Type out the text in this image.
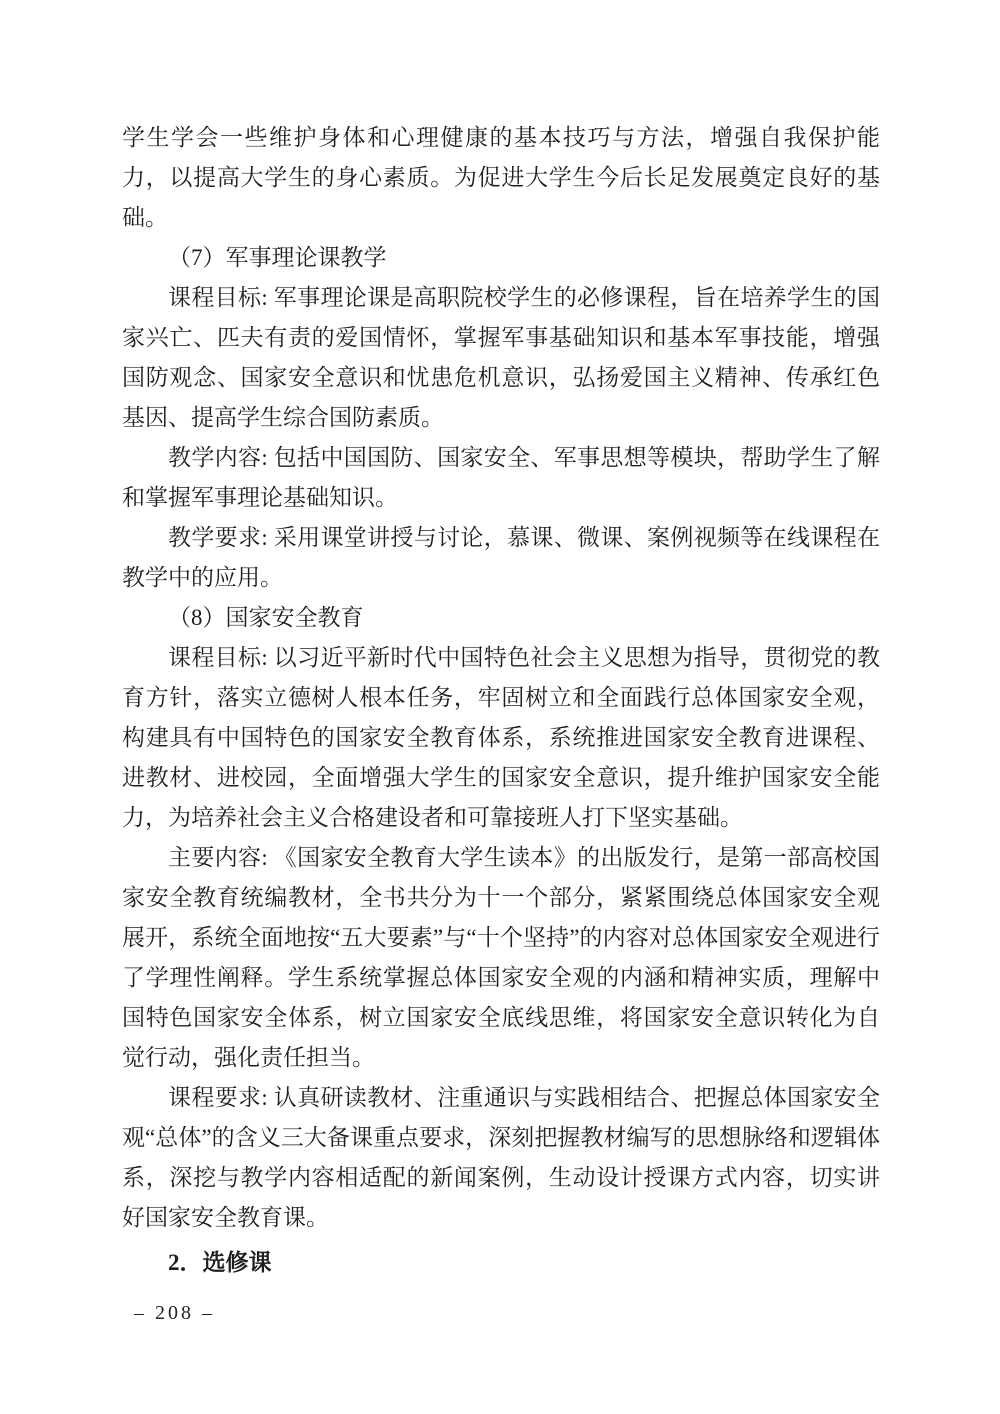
学生学会一些维护身体和心理健康的基本技巧与方法，增强自我保护能力，以提高大学生的身心素质。为促进大学生今后长足发展奠定良好的基础。

（7）军事理论课教学

课程目标: 军事理论课是高职院校学生的必修课程，旨在培养学生的国家兴亡、匹夫有责的爱国情怀，掌握军事基础知识和基本军事技能，增强国防观念、国家安全意识和忧患危机意识，弘扬爱国主义精神、传承红色基因、提高学生综合国防素质。

教学内容: 包括中国国防、国家安全、军事思想等模块，帮助学生了解和掌握军事理论基础知识。

教学要求: 采用课堂讲授与讨论，慕课、微课、案例视频等在线课程在教学中的应用。

（8）国家安全教育

课程目标: 以习近平新时代中国特色社会主义思想为指导，贯彻党的教育方针，落实立德树人根本任务，牢固树立和全面践行总体国家安全观，构建具有中国特色的国家安全教育体系，系统推进国家安全教育进课程、进教材、进校园，全面增强大学生的国家安全意识，提升维护国家安全能力，为培养社会主义合格建设者和可靠接班人打下坚实基础。

主要内容: 《国家安全教育大学生读本》的出版发行，是第一部高校国家安全教育统编教材，全书共分为十一个部分，紧紧围绕总体国家安全观展开，系统全面地按“五大要素”与“十个坚持”的内容对总体国家安全观进行了学理性阐释。学生系统掌握总体国家安全观的内涵和精神实质，理解中国特色国家安全体系，树立国家安全底线思维，将国家安全意识转化为自觉行动，强化责任担当。

课程要求: 认真研读教材、注重通识与实践相结合、把握总体国家安全观“总体”的含义三大备课重点要求，深刻把握教材编写的思想脉络和逻辑体系，深挖与教学内容相适配的新闻案例，生动设计授课方式内容，切实讲好国家安全教育课。

2．选修课

– 208 –
